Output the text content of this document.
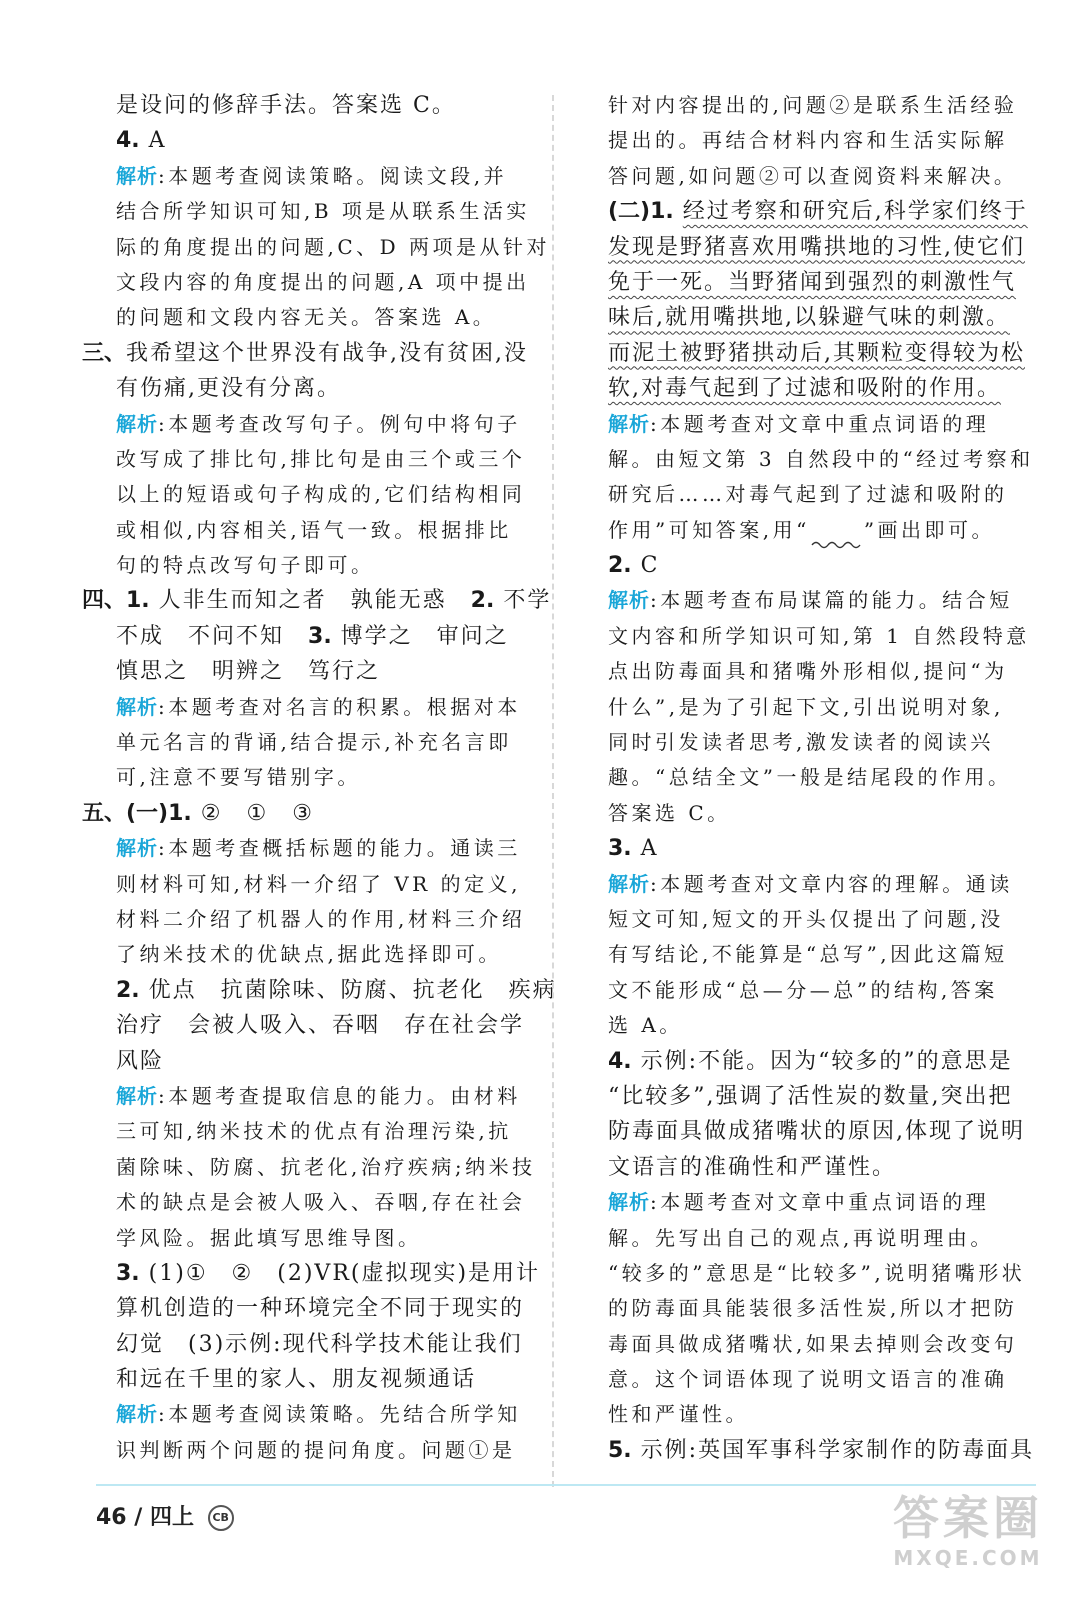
是设问的修辞手法。答案选 C。
4. A
解析:本题考查阅读策略。阅读文段,并
结合所学知识可知,B 项是从联系生活实
际的角度提出的问题,C、D 两项是从针对
文段内容的角度提出的问题,A 项中提出
的问题和文段内容无关。答案选 A。
三、我希望这个世界没有战争,没有贫困,没
有伤痛,更没有分离。
解析:本题考查改写句子。例句中将句子
改写成了排比句,排比句是由三个或三个
以上的短语或句子构成的,它们结构相同
或相似,内容相关,语气一致。根据排比
句的特点改写句子即可。
四、1. 人非生而知之者　孰能无惑　2. 不学
不成　不问不知　3. 博学之　审问之
慎思之　明辨之　笃行之
解析:本题考查对名言的积累。根据对本
单元名言的背诵,结合提示,补充名言即
可,注意不要写错别字。
五、(一)1. ②　①　③
解析:本题考查概括标题的能力。通读三
则材料可知,材料一介绍了 VR 的定义,
材料二介绍了机器人的作用,材料三介绍
了纳米技术的优缺点,据此选择即可。
2. 优点　抗菌除味、防腐、抗老化　疾病
治疗　会被人吸入、吞咽　存在社会学
风险
解析:本题考查提取信息的能力。由材料
三可知,纳米技术的优点有治理污染,抗
菌除味、防腐、抗老化,治疗疾病;纳米技
术的缺点是会被人吸入、吞咽,存在社会
学风险。据此填写思维导图。
3. (1)①　②　(2)VR(虚拟现实)是用计
算机创造的一种环境完全不同于现实的
幻觉　(3)示例:现代科学技术能让我们
和远在千里的家人、朋友视频通话
解析:本题考查阅读策略。先结合所学知
识判断两个问题的提问角度。问题①是
针对内容提出的,问题②是联系生活经验
提出的。再结合材料内容和生活实际解
答问题,如问题②可以查阅资料来解决。
(二)1. 经过考察和研究后,科学家们终于
发现是野猪喜欢用嘴拱地的习性,使它们
免于一死。当野猪闻到强烈的刺激性气
味后,就用嘴拱地,以躲避气味的刺激。
而泥土被野猪拱动后,其颗粒变得较为松
软,对毒气起到了过滤和吸附的作用。
解析:本题考查对文章中重点词语的理
解。由短文第 3 自然段中的“经过考察和
研究后……对毒气起到了过滤和吸附的
作用”可知答案,用“	”画出即可。
2. C
解析:本题考查布局谋篇的能力。结合短
文内容和所学知识可知,第 1 自然段特意
点出防毒面具和猪嘴外形相似,提问“为
什么”,是为了引起下文,引出说明对象,
同时引发读者思考,激发读者的阅读兴
趣。“总结全文”一般是结尾段的作用。
答案选 C。
3. A
解析:本题考查对文章内容的理解。通读
短文可知,短文的开头仅提出了问题,没
有写结论,不能算是“总写”,因此这篇短
文不能形成“总—分—总”的结构,答案
选 A。
4. 示例:不能。因为“较多的”的意思是
“比较多”,强调了活性炭的数量,突出把
防毒面具做成猪嘴状的原因,体现了说明
文语言的准确性和严谨性。
解析:本题考查对文章中重点词语的理
解。先写出自己的观点,再说明理由。
“较多的”意思是“比较多”,说明猪嘴形状
的防毒面具能装很多活性炭,所以才把防
毒面具做成猪嘴状,如果去掉则会改变句
意。这个词语体现了说明文语言的准确
性和严谨性。
5. 示例:英国军事科学家制作的防毒面具
46 / 四上 CB	答案圈
MXQE.COM
